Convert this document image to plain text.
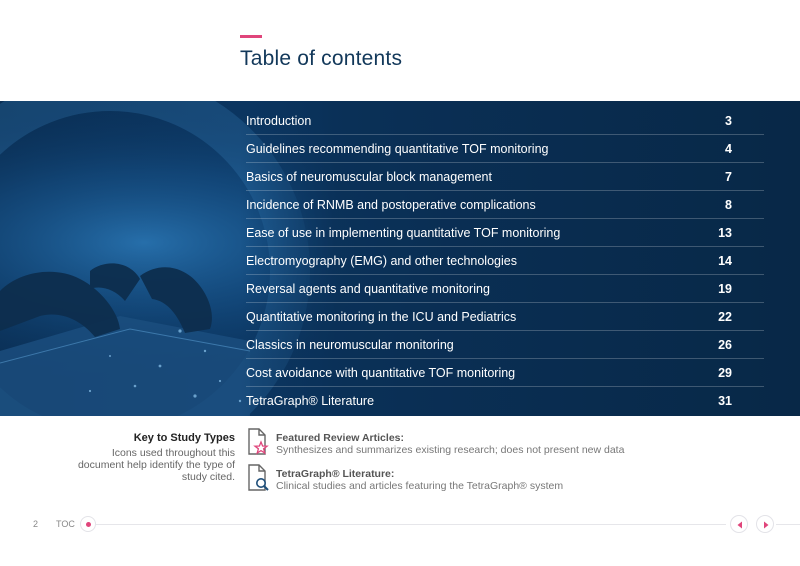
Table of contents
Introduction	3
Guidelines recommending quantitative TOF monitoring	4
Basics of neuromuscular block management	7
Incidence of RNMB and postoperative complications	8
Ease of use in implementing quantitative TOF monitoring	13
Electromyography (EMG) and other technologies	14
Reversal agents and quantitative monitoring	19
Quantitative monitoring in the ICU and Pediatrics	22
Classics in neuromuscular monitoring	26
Cost avoidance with quantitative TOF monitoring	29
TetraGraph® Literature	31
Key to Study Types
Icons used throughout this document help identify the type of study cited.
Featured Review Articles:
Synthesizes and summarizes existing research; does not present new data
TetraGraph® Literature:
Clinical studies and articles featuring the TetraGraph® system
2 TOC
